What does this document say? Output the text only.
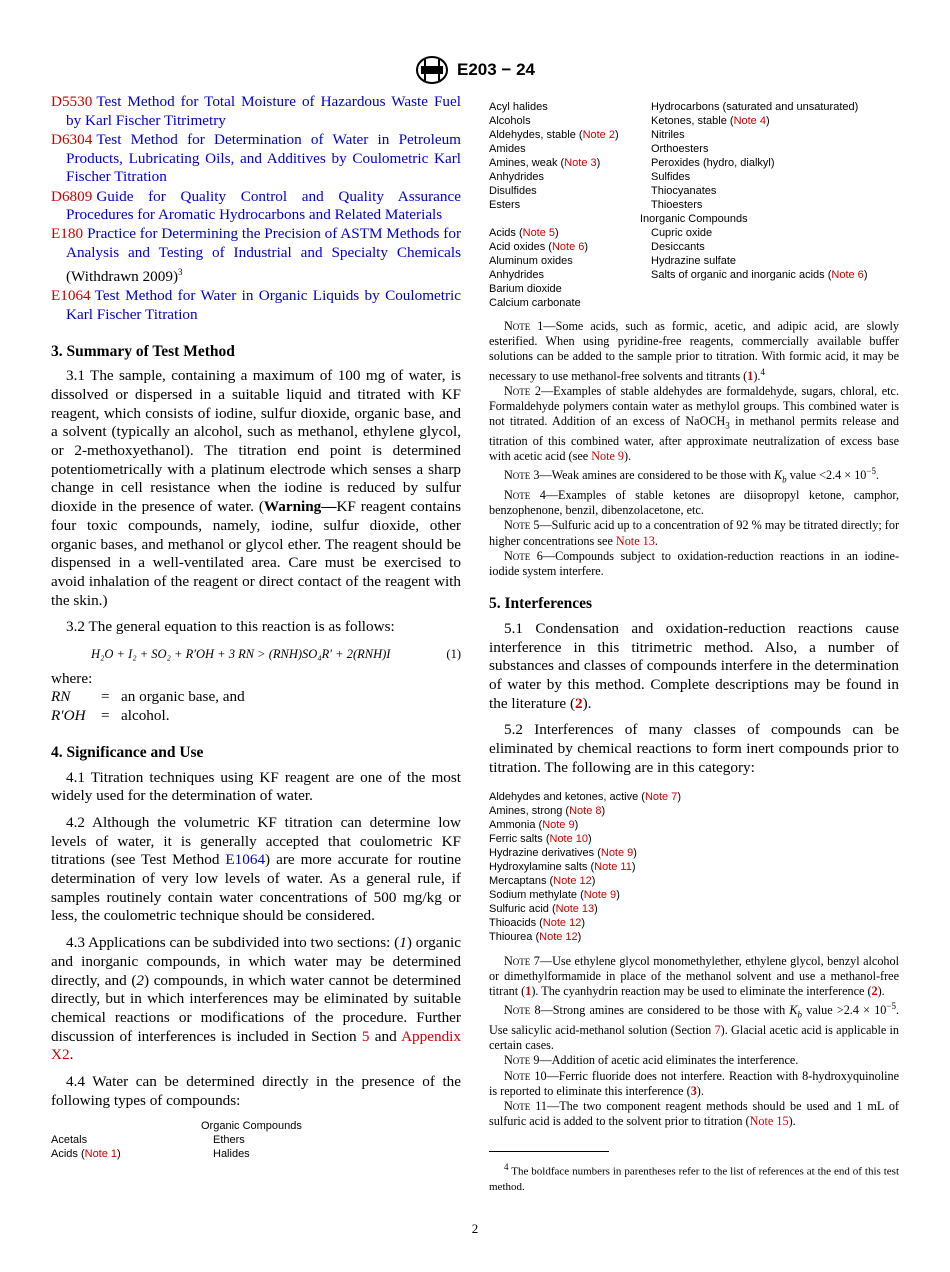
E203 − 24

D5530 Test Method for Total Moisture of Hazardous Waste Fuel by Karl Fischer Titrimetry

D6304 Test Method for Determination of Water in Petroleum Products, Lubricating Oils, and Additives by Coulometric Karl Fischer Titration

D6809 Guide for Quality Control and Quality Assurance Procedures for Aromatic Hydrocarbons and Related Materials

E180 Practice for Determining the Precision of ASTM Methods for Analysis and Testing of Industrial and Specialty Chemicals (Withdrawn 2009)$^3$

E1064 Test Method for Water in Organic Liquids by Coulometric Karl Fischer Titration

3. Summary of Test Method

3.1 The sample, containing a maximum of 100 mg of water, is dissolved or dispersed in a suitable liquid and titrated with KF reagent, which consists of iodine, sulfur dioxide, organic base, and a solvent (typically an alcohol, such as methanol, ethylene glycol, or 2-methoxyethanol). The titration end point is determined potentiometrically with a platinum electrode which senses a sharp change in cell resistance when the iodine is reduced by sulfur dioxide in the presence of water. (Warning—KF reagent contains four toxic compounds, namely, iodine, sulfur dioxide, other organic bases, and methanol or glycol ether. The reagent should be dispensed in a well-ventilated area. Care must be exercised to avoid inhalation of the reagent or direct contact of the reagent with the skin.)

3.2 The general equation to this reaction is as follows:

H₂O + I₂ + SO₂ + R′OH + 3 RN > (RNH)SO₄R′ + 2(RNH)I	(1)
where:
RN	=	an organic base, and
R′OH	=	alcohol.
4. Significance and Use

4.1 Titration techniques using KF reagent are one of the most widely used for the determination of water.

4.2 Although the volumetric KF titration can determine low levels of water, it is generally accepted that coulometric KF titrations (see Test Method E1064) are more accurate for routine determination of very low levels of water. As a general rule, if samples routinely contain water concentrations of 500 mg/kg or less, the coulometric technique should be considered.

4.3 Applications can be subdivided into two sections: (1) organic and inorganic compounds, in which water may be determined directly, and (2) compounds, in which water cannot be determined directly, but in which interferences may be eliminated by suitable chemical reactions or modifications of the procedure. Further discussion of interferences is included in Section 5 and Appendix X2.

4.4 Water can be determined directly in the presence of the following types of compounds:

Organic Compounds
Acetals	Ethers
Acids (Note 1)	Halides
Acyl halides	Hydrocarbons (saturated and unsaturated)
Alcohols	Ketones, stable (Note 4)
Aldehydes, stable (Note 2)	Nitriles
Amides	Orthoesters
Amines, weak (Note 3)	Peroxides (hydro, dialkyl)
Anhydrides	Sulfides
Disulfides	Thiocyanates
Esters	Thioesters
Inorganic Compounds
Acids (Note 5)	Cupric oxide
Acid oxides (Note 6)	Desiccants
Aluminum oxides	Hydrazine sulfate
Anhydrides	Salts of organic and inorganic acids (Note 6)
Barium dioxide
Calcium carbonate

Note 1—Some acids, such as formic, acetic, and adipic acid, are slowly esterified. When using pyridine-free reagents, commercially available buffer solutions can be added to the sample prior to titration. With formic acid, it may be necessary to use methanol-free solvents and titrants (1).$^4$

Note 2—Examples of stable aldehydes are formaldehyde, sugars, chloral, etc. Formaldehyde polymers contain water as methylol groups. This combined water is not titrated. Addition of an excess of NaOCH$_3$ in methanol permits release and titration of this combined water, after approximate neutralization of excess base with acetic acid (see Note 9).

Note 3—Weak amines are considered to be those with $K_b$ value $<2.4 \times 10^{-5}$.

Note 4—Examples of stable ketones are diisopropyl ketone, camphor, benzophenone, benzil, dibenzolacetone, etc.

Note 5—Sulfuric acid up to a concentration of 92 % may be titrated directly; for higher concentrations see Note 13.

Note 6—Compounds subject to oxidation-reduction reactions in an iodine-iodide system interfere.

5. Interferences

5.1 Condensation and oxidation-reduction reactions cause interference in this titrimetric method. Also, a number of substances and classes of compounds interfere in the determination of water by this method. Complete descriptions may be found in the literature (2).

5.2 Interferences of many classes of compounds can be eliminated by chemical reactions to form inert compounds prior to titration. The following are in this category:

Aldehydes and ketones, active (Note 7)
Amines, strong (Note 8)
Ammonia (Note 9)
Ferric salts (Note 10)
Hydrazine derivatives (Note 9)
Hydroxylamine salts (Note 11)
Mercaptans (Note 12)
Sodium methylate (Note 9)
Sulfuric acid (Note 13)
Thioacids (Note 12)
Thiourea (Note 12)

Note 7—Use ethylene glycol monomethylether, ethylene glycol, benzyl alcohol or dimethylformamide in place of the methanol solvent and use a methanol-free titrant (1). The cyanhydrin reaction may be used to eliminate the interference (2).

Note 8—Strong amines are considered to be those with $K_b$ value $>2.4 \times 10^{-5}$. Use salicylic acid-methanol solution (Section 7). Glacial acetic acid is applicable in certain cases.

Note 9—Addition of acetic acid eliminates the interference.

Note 10—Ferric fluoride does not interfere. Reaction with 8-hydroxyquinoline is reported to eliminate this interference (3).

Note 11—The two component reagent methods should be used and 1 mL of sulfuric acid is added to the solvent prior to titration (Note 15).

$^4$ The boldface numbers in parentheses refer to the list of references at the end of this test method.

2
